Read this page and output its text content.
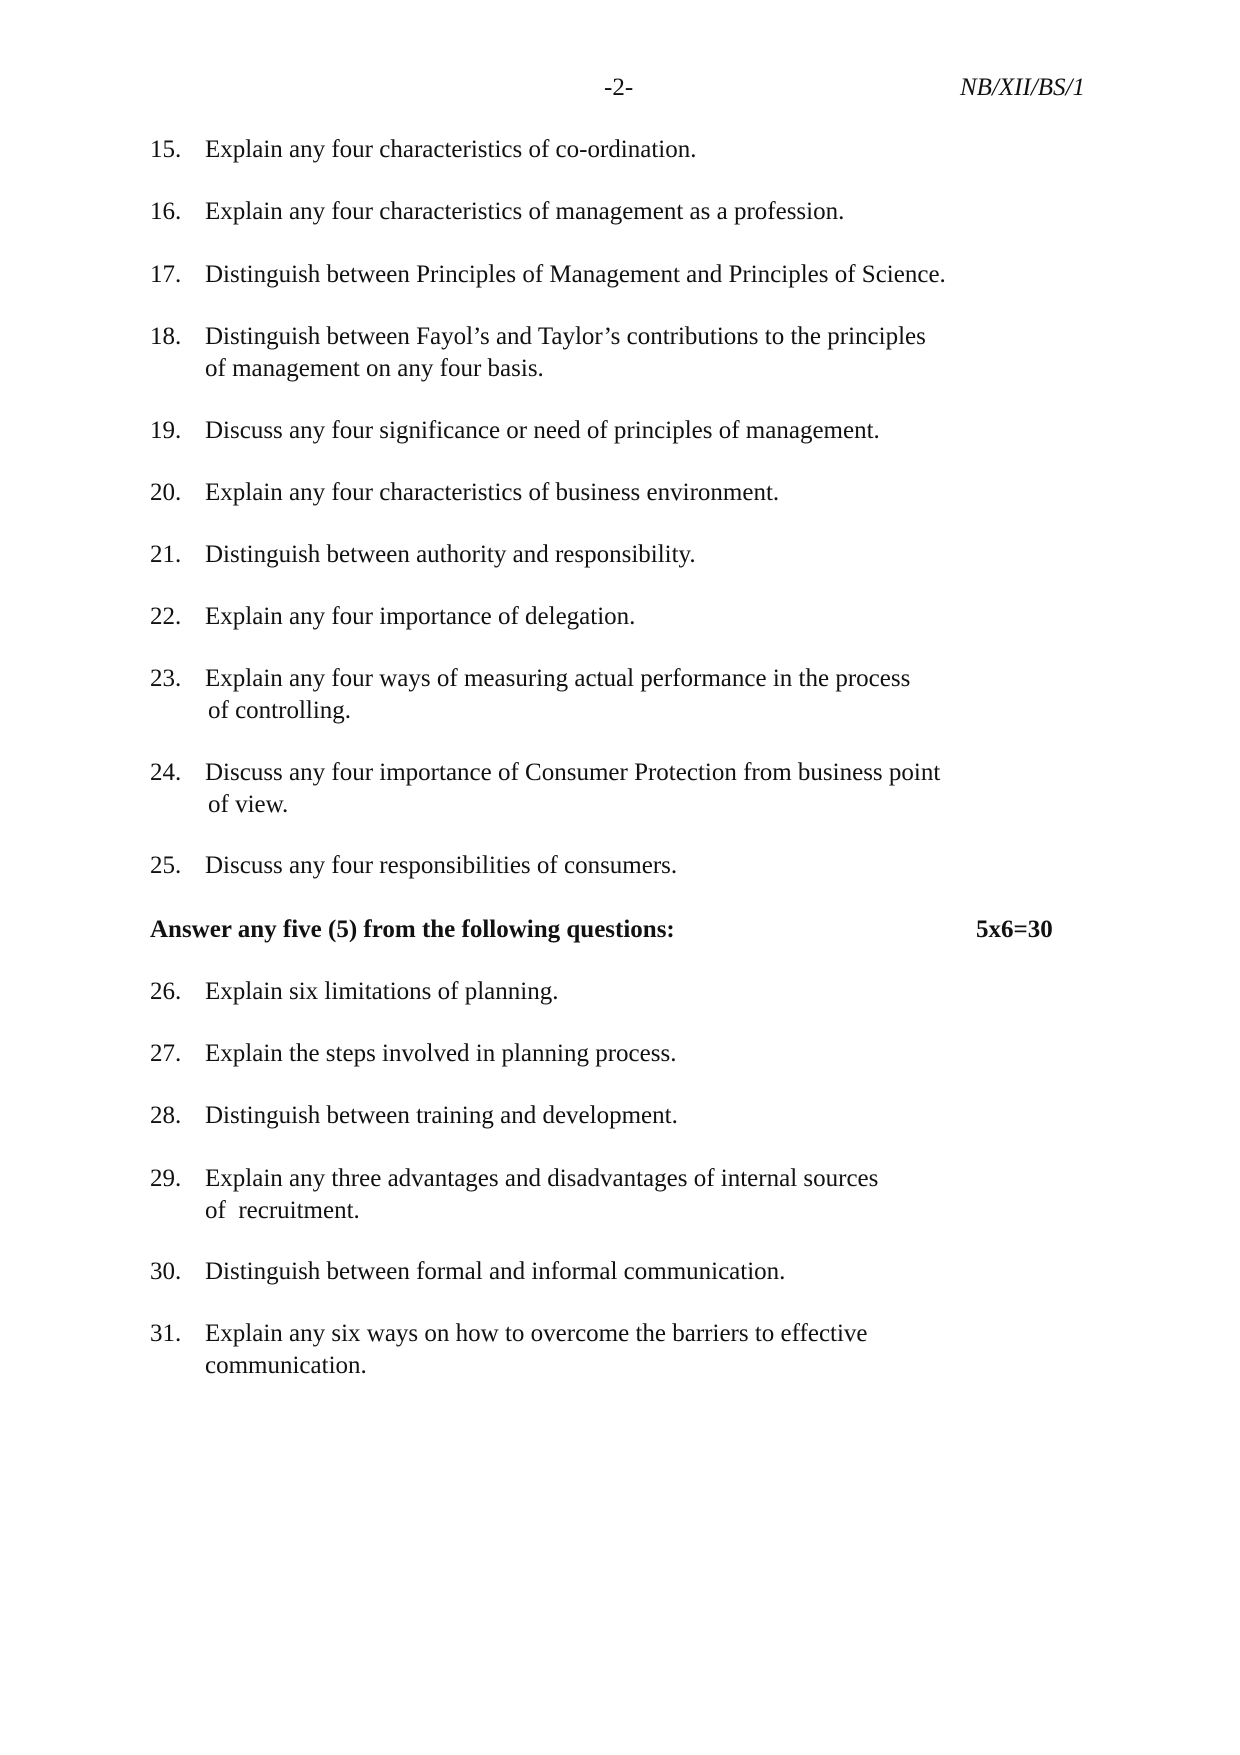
-2-	NB/XII/BS/1
15. Explain any four characteristics of co-ordination.
16. Explain any four characteristics of management as a profession.
17. Distinguish between Principles of Management and Principles of Science.
18. Distinguish between Fayol’s and Taylor’s contributions to the principles
of management on any four basis.
19. Discuss any four significance or need of principles of management.
20. Explain any four characteristics of business environment.
21. Distinguish between authority and responsibility.
22. Explain any four importance of delegation.
23. Explain any four ways of measuring actual performance in the process
of controlling.
24. Discuss any four importance of Consumer Protection from business point
of view.
25. Discuss any four responsibilities of consumers.
Answer any five (5) from the following questions:	5x6=30
26. Explain six limitations of planning.
27. Explain the steps involved in planning process.
28. Distinguish between training and development.
29. Explain any three advantages and disadvantages of internal sources
of  recruitment.
30. Distinguish between formal and informal communication.
31. Explain any six ways on how to overcome the barriers to effective
communication.
